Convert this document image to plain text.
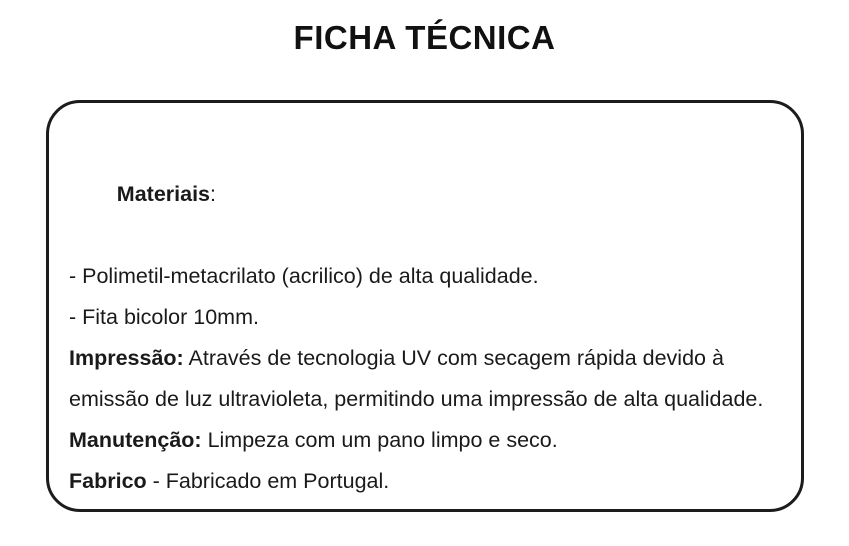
FICHA TÉCNICA

Materiais:

- Polimetil-metacrilato (acrilico) de alta qualidade.
- Fita bicolor 10mm.
Impressão: Através de tecnologia UV com secagem rápida devido à emissão de luz ultravioleta, permitindo uma impressão de alta qualidade.
Manutenção: Limpeza com um pano limpo e seco.
Fabrico - Fabricado em Portugal.
